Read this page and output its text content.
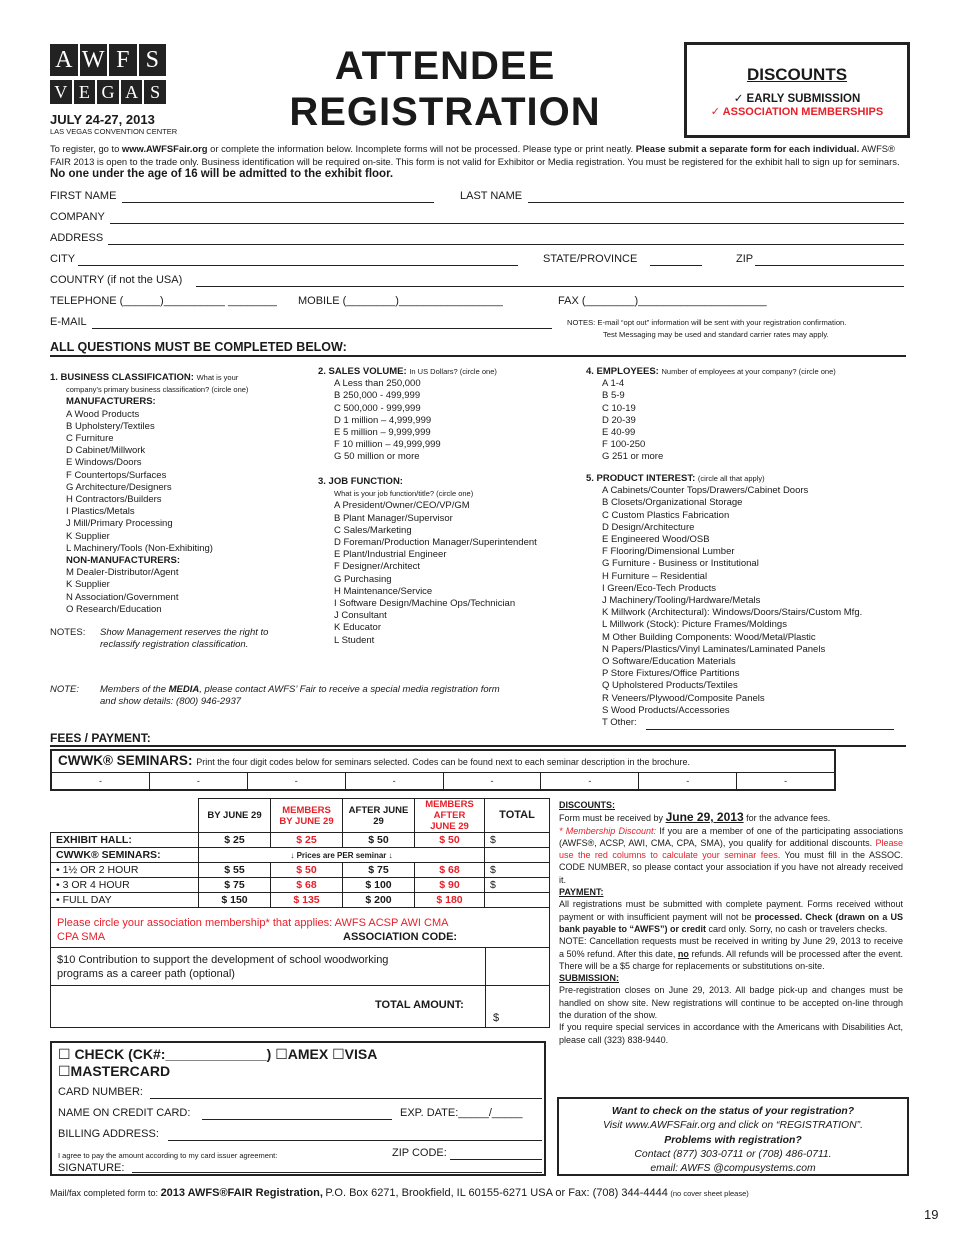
A W F S
V E G A S
JULY 24-27, 2013
LAS VEGAS CONVENTION CENTER
ATTENDEE
REGISTRATION
DISCOUNTS
✓ EARLY SUBMISSION
✓ ASSOCIATION MEMBERSHIPS
To register, go to www.AWFSFair.org or complete the information below. Incomplete forms will not be processed. Please type or print neatly. Please submit a separate form for each individual. AWFS® FAIR 2013 is open to the trade only. Business identification will be required on-site. This form is not valid for Exhibitor or Media registration. You must be registered for the exhibit hall to sign up for seminars. No one under the age of 16 will be admitted to the exhibit floor.
FIRST NAME	LAST NAME
COMPANY
ADDRESS
CITY	STATE/PROVINCE	ZIP
COUNTRY (if not the USA)
TELEPHONE (______)__________ ________ MOBILE (________)_________________	FAX (________)_____________________
E-MAIL	NOTES: E-mail “opt out” information will be sent with your registration confirmation.
Test Messaging may be used and standard carrier rates may apply.
ALL QUESTIONS MUST BE COMPLETED BELOW:
1. BUSINESS CLASSIFICATION: What is your
company’s primary business classification? (circle one)
MANUFACTURERS:
A Wood Products
B Upholstery/Textiles
C Furniture
D Cabinet/Millwork
E Windows/Doors
F Countertops/Surfaces
G Architecture/Designers
H Contractors/Builders
I Plastics/Metals
J Mill/Primary Processing
K Supplier
L Machinery/Tools (Non-Exhibiting)
NON-MANUFACTURERS:
M Dealer-Distributor/Agent
K Supplier
N Association/Government
O Research/Education
NOTES: Show Management reserves the right to
reclassify registration classification.
NOTE: Members of the MEDIA, please contact AWFS’ Fair to receive a special media registration form
and show details: (800) 946-2937
2. SALES VOLUME: In US Dollars? (circle one)
A Less than 250,000
B 250,000 - 499,999
C 500,000 - 999,999
D 1 million – 4,999,999
E 5 million – 9,999,999
F 10 million – 49,999,999
G 50 million or more
3. JOB FUNCTION:
What is your job function/title? (circle one)
A President/Owner/CEO/VP/GM
B Plant Manager/Supervisor
C Sales/Marketing
D Foreman/Production Manager/Superintendent
E Plant/Industrial Engineer
F Designer/Architect
G Purchasing
H Maintenance/Service
I Software Design/Machine Ops/Technician
J Consultant
K Educator
L Student
4. EMPLOYEES: Number of employees at your company? (circle one)
A 1-4
B 5-9
C 10-19
D 20-39
E 40-99
F 100-250
G 251 or more
5. PRODUCT INTEREST: (circle all that apply)
A Cabinets/Counter Tops/Drawers/Cabinet Doors
B Closets/Organizational Storage
C Custom Plastics Fabrication
D Design/Architecture
E Engineered Wood/OSB
F Flooring/Dimensional Lumber
G Furniture - Business or Institutional
H Furniture – Residential
I Green/Eco-Tech Products
J Machinery/Tooling/Hardware/Metals
K Millwork (Architectural): Windows/Doors/Stairs/Custom Mfg.
L Millwork (Stock): Picture Frames/Moldings
M Other Building Components: Wood/Metal/Plastic
N Papers/Plastics/Vinyl Laminates/Laminated Panels
O Software/Education Materials
P Store Fixtures/Office Partitions
Q Upholstered Products/Textiles
R Veneers/Plywood/Composite Panels
S Wood Products/Accessories
T Other:
FEES / PAYMENT:
CWWK® SEMINARS: Print the four digit codes below for seminars selected. Codes can be found next to each seminar description in the brochure.
-	-	-	-	-	-	-	-
	BY JUNE 29	MEMBERS BY JUNE 29	AFTER JUNE 29	MEMBERS AFTER JUNE 29	TOTAL
EXHIBIT HALL:	$ 25	$ 25	$ 50	$ 50	$
CWWK® SEMINARS:	↓ Prices are PER seminar ↓				
• 1½ OR 2 HOUR	$ 55	$ 50	$ 75	$ 68	$
• 3 OR 4 HOUR	$ 75	$ 68	$ 100	$ 90	$
• FULL DAY	$ 150	$ 135	$ 200	$ 180	
Please circle your association membership* that applies: AWFS ACSP AWI CMA
CPA SMA	ASSOCIATION CODE:
$10 Contribution to support the development of school woodworking
programs as a career path (optional)
TOTAL AMOUNT:
$
☐ CHECK (CK#:_____________) ☐AMEX ☐VISA
☐MASTERCARD
CARD NUMBER:
NAME ON CREDIT CARD:	EXP. DATE:_____/_____
BILLING ADDRESS:
I agree to pay the amount according to my card issuer agreement:	ZIP CODE:
SIGNATURE:
DISCOUNTS:
Form must be received by June 29, 2013 for the advance fees.
* Membership Discount: If you are a member of one of the participating associations (AWFS®, ACSP, AWI, CMA, CPA, SMA), you qualify for additional discounts. Please use the red columns to calculate your seminar fees. You must fill in the ASSOC. CODE NUMBER, so please contact your association if you have not already received it.
PAYMENT:
All registrations must be submitted with complete payment. Forms received without payment or with insufficient payment will not be processed. Check (drawn on a US bank payable to “AWFS”) or credit card only. Sorry, no cash or travelers checks.
NOTE: Cancellation requests must be received in writing by June 29, 2013 to receive a 50% refund. After this date, no refunds. All refunds will be processed after the event. There will be a $5 charge for replacements or substitutions on-site.
SUBMISSION:
Pre-registration closes on June 29, 2013. All badge pick-up and changes must be handled on show site. New registrations will continue to be accepted on-line through the duration of the show.
If you require special services in accordance with the Americans with Disabilities Act, please call (323) 838-9440.
Want to check on the status of your registration?
Visit www.AWFSFair.org and click on “REGISTRATION”.
Problems with registration?
Contact (877) 303-0711 or (708) 486-0711.
email: AWFS @compusystems.com
Mail/fax completed form to: 2013 AWFS®FAIR Registration, P.O. Box 6271, Brookfield, IL 60155-6271 USA or Fax: (708) 344-4444 (no cover sheet please)
19
